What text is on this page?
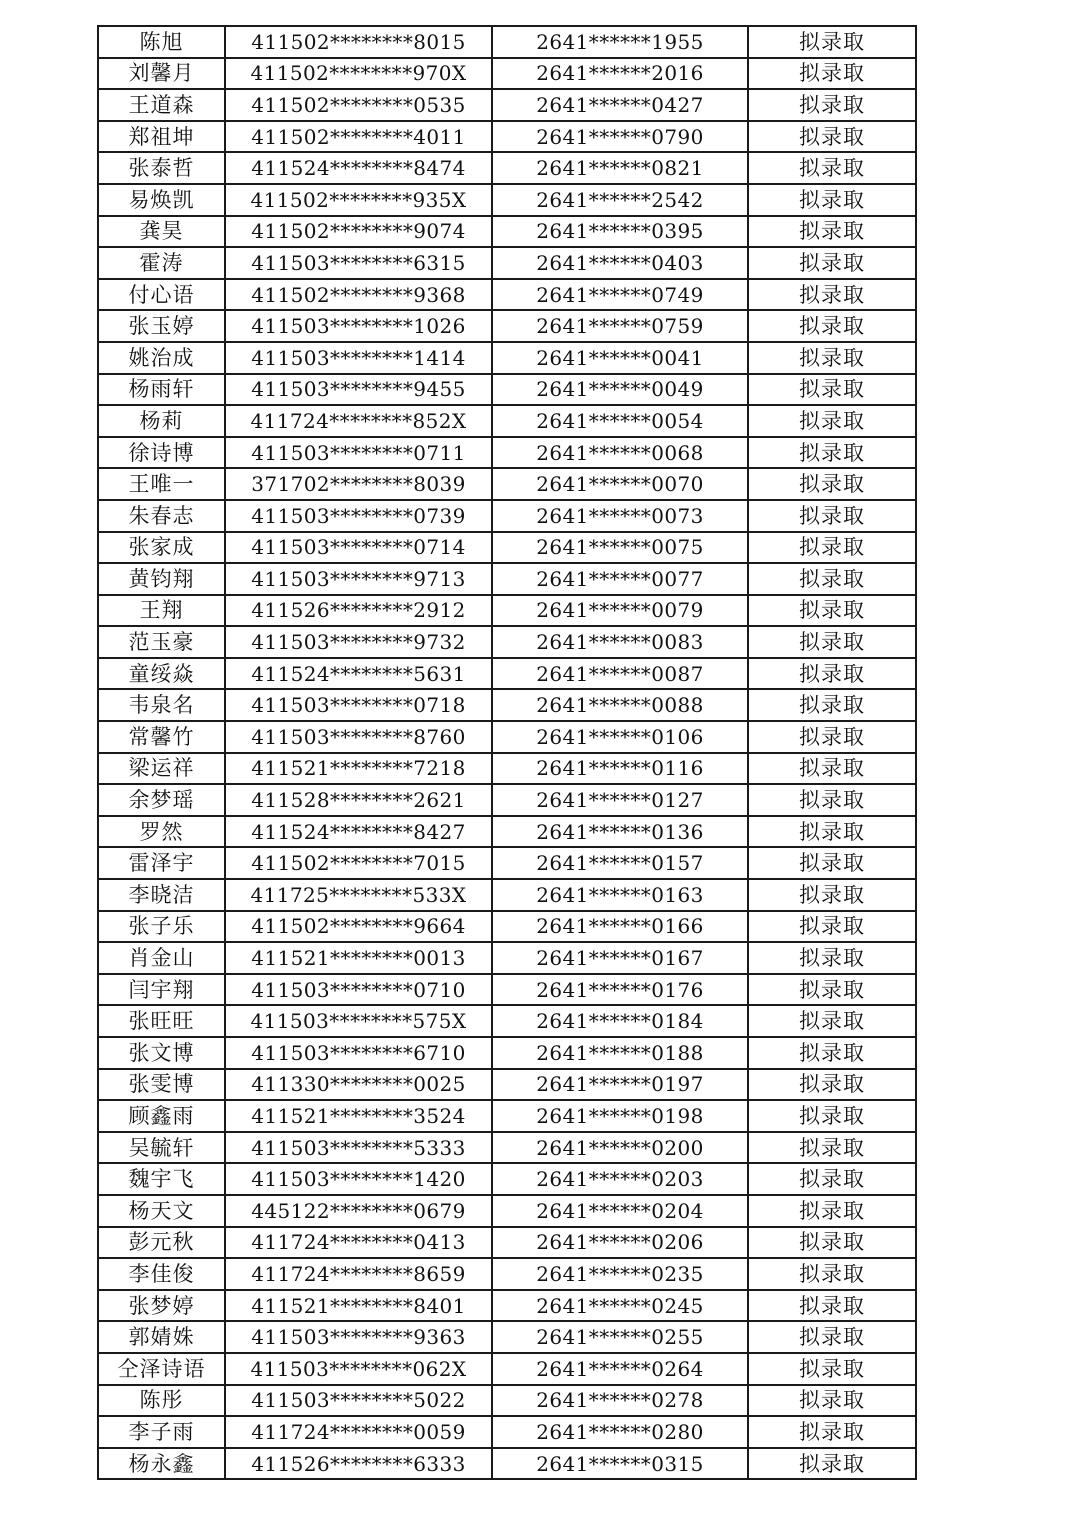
陈旭	411502********8015	2641******1955	拟录取
刘馨月	411502********970X	2641******2016	拟录取
王道森	411502********0535	2641******0427	拟录取
郑祖坤	411502********4011	2641******0790	拟录取
张泰哲	411524********8474	2641******0821	拟录取
易焕凯	411502********935X	2641******2542	拟录取
龚昊	411502********9074	2641******0395	拟录取
霍涛	411503********6315	2641******0403	拟录取
付心语	411502********9368	2641******0749	拟录取
张玉婷	411503********1026	2641******0759	拟录取
姚治成	411503********1414	2641******0041	拟录取
杨雨轩	411503********9455	2641******0049	拟录取
杨莉	411724********852X	2641******0054	拟录取
徐诗博	411503********0711	2641******0068	拟录取
王唯一	371702********8039	2641******0070	拟录取
朱春志	411503********0739	2641******0073	拟录取
张家成	411503********0714	2641******0075	拟录取
黄钧翔	411503********9713	2641******0077	拟录取
王翔	411526********2912	2641******0079	拟录取
范玉豪	411503********9732	2641******0083	拟录取
童绥焱	411524********5631	2641******0087	拟录取
韦泉名	411503********0718	2641******0088	拟录取
常馨竹	411503********8760	2641******0106	拟录取
梁运祥	411521********7218	2641******0116	拟录取
余梦瑶	411528********2621	2641******0127	拟录取
罗然	411524********8427	2641******0136	拟录取
雷泽宇	411502********7015	2641******0157	拟录取
李晓洁	411725********533X	2641******0163	拟录取
张子乐	411502********9664	2641******0166	拟录取
肖金山	411521********0013	2641******0167	拟录取
闫宇翔	411503********0710	2641******0176	拟录取
张旺旺	411503********575X	2641******0184	拟录取
张文博	411503********6710	2641******0188	拟录取
张雯博	411330********0025	2641******0197	拟录取
顾鑫雨	411521********3524	2641******0198	拟录取
吴毓轩	411503********5333	2641******0200	拟录取
魏宇飞	411503********1420	2641******0203	拟录取
杨天文	445122********0679	2641******0204	拟录取
彭元秋	411724********0413	2641******0206	拟录取
李佳俊	411724********8659	2641******0235	拟录取
张梦婷	411521********8401	2641******0245	拟录取
郭婧姝	411503********9363	2641******0255	拟录取
仝泽诗语	411503********062X	2641******0264	拟录取
陈彤	411503********5022	2641******0278	拟录取
李子雨	411724********0059	2641******0280	拟录取
杨永鑫	411526********6333	2641******0315	拟录取
